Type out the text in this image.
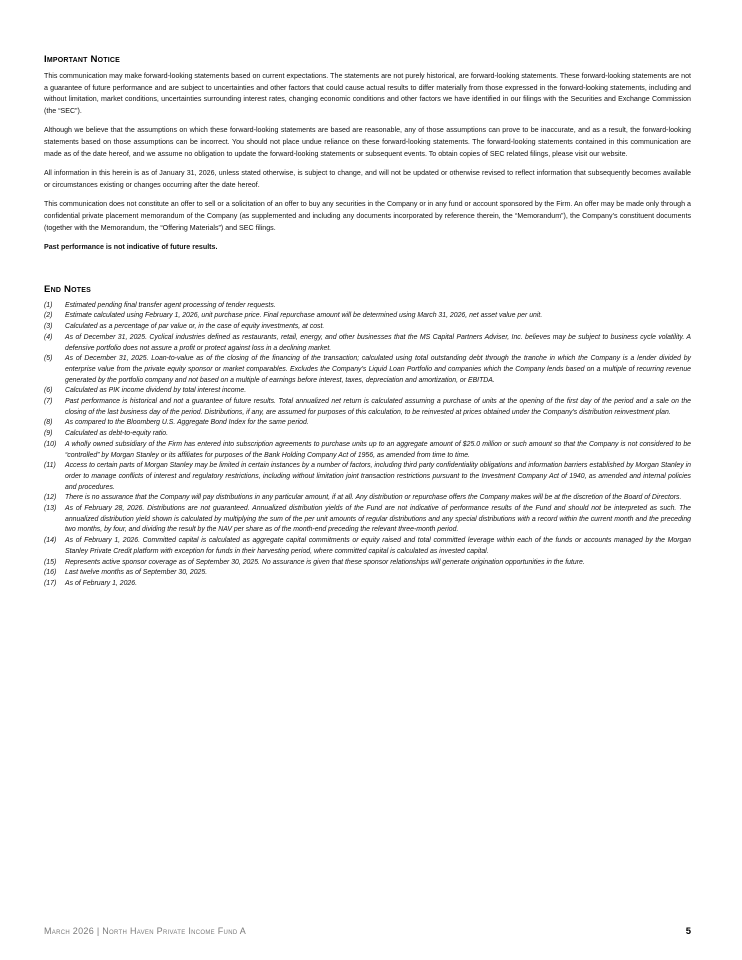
Important Notice

This communication may make forward-looking statements based on current expectations. The statements are not purely historical, are forward-looking statements. These forward-looking statements are not a guarantee of future performance and are subject to uncertainties and other factors that could cause actual results to differ materially from those expressed in the forward-looking statements, including and without limitation, market conditions, uncertainties surrounding interest rates, changing economic conditions and other factors we have identified in our filings with the Securities and Exchange Commission (the “SEC”).

Although we believe that the assumptions on which these forward-looking statements are based are reasonable, any of those assumptions can prove to be inaccurate, and as a result, the forward-looking statements based on those assumptions can be incorrect. You should not place undue reliance on these forward-looking statements. The forward-looking statements contained in this communication are made as of the date hereof, and we assume no obligation to update the forward-looking statements or subsequent events. To obtain copies of SEC related filings, please visit our website.

All information in this herein is as of January 31, 2026, unless stated otherwise, is subject to change, and will not be updated or otherwise revised to reflect information that subsequently becomes available or circumstances existing or changes occurring after the date hereof.

This communication does not constitute an offer to sell or a solicitation of an offer to buy any securities in the Company or in any fund or account sponsored by the Firm. An offer may be made only through a confidential private placement memorandum of the Company (as supplemented and including any documents incorporated by reference therein, the “Memorandum”), the Company’s constituent documents (together with the Memorandum, the “Offering Materials”) and SEC filings.

Past performance is not indicative of future results.

End Notes
(1)	Estimated pending final transfer agent processing of tender requests.
(2)	Estimate calculated using February 1, 2026, unit purchase price. Final repurchase amount will be determined using March 31, 2026, net asset value per unit.
(3)	Calculated as a percentage of par value or, in the case of equity investments, at cost.
(4)	As of December 31, 2025. Cyclical industries defined as restaurants, retail, energy, and other businesses that the MS Capital Partners Adviser, Inc. believes may be subject to business cycle volatility. A defensive portfolio does not assure a profit or protect against loss in a declining market.
(5)	As of December 31, 2025. Loan-to-value as of the closing of the financing of the transaction; calculated using total outstanding debt through the tranche in which the Company is a lender divided by enterprise value from the private equity sponsor or market comparables. Excludes the Company’s Liquid Loan Portfolio and companies which the Company lends based on a multiple of recurring revenue generated by the portfolio company and not based on a multiple of earnings before interest, taxes, depreciation and amortization, or EBITDA.
(6)	Calculated as PIK income dividend by total interest income.
(7)	Past performance is historical and not a guarantee of future results. Total annualized net return is calculated assuming a purchase of units at the opening of the first day of the period and a sale on the closing of the last business day of the period. Distributions, if any, are assumed for purposes of this calculation, to be reinvested at prices obtained under the Company’s distribution reinvestment plan.
(8)	As compared to the Bloomberg U.S. Aggregate Bond Index for the same period.
(9)	Calculated as debt-to-equity ratio.
(10)	A wholly owned subsidiary of the Firm has entered into subscription agreements to purchase units up to an aggregate amount of $25.0 million or such amount so that the Company is not considered to be “controlled” by Morgan Stanley or its affiliates for purposes of the Bank Holding Company Act of 1956, as amended from time to time.
(11)	Access to certain parts of Morgan Stanley may be limited in certain instances by a number of factors, including third party confidentiality obligations and information barriers established by Morgan Stanley in order to manage conflicts of interest and regulatory restrictions, including without limitation joint transaction restrictions pursuant to the Investment Company Act of 1940, as amended and internal policies and procedures.
(12)	There is no assurance that the Company will pay distributions in any particular amount, if at all. Any distribution or repurchase offers the Company makes will be at the discretion of the Board of Directors.
(13)	As of February 28, 2026. Distributions are not guaranteed. Annualized distribution yields of the Fund are not indicative of performance results of the Fund and should not be interpreted as such. The annualized distribution yield shown is calculated by multiplying the sum of the per unit amounts of regular distributions and any special distributions with a record within the current month and the preceding two months, by four, and dividing the result by the NAV per share as of the month-end preceding the relevant three-month period.
(14)	As of February 1, 2026. Committed capital is calculated as aggregate capital commitments or equity raised and total committed leverage within each of the funds or accounts managed by the Morgan Stanley Private Credit platform with exception for funds in their harvesting period, where committed capital is calculated as invested capital.
(15)	Represents active sponsor coverage as of September 30, 2025. No assurance is given that these sponsor relationships will generate origination opportunities in the future.
(16)	Last twelve months as of September 30, 2025.
(17)	As of February 1, 2026.
March 2026 | North Haven Private Income Fund A	5
